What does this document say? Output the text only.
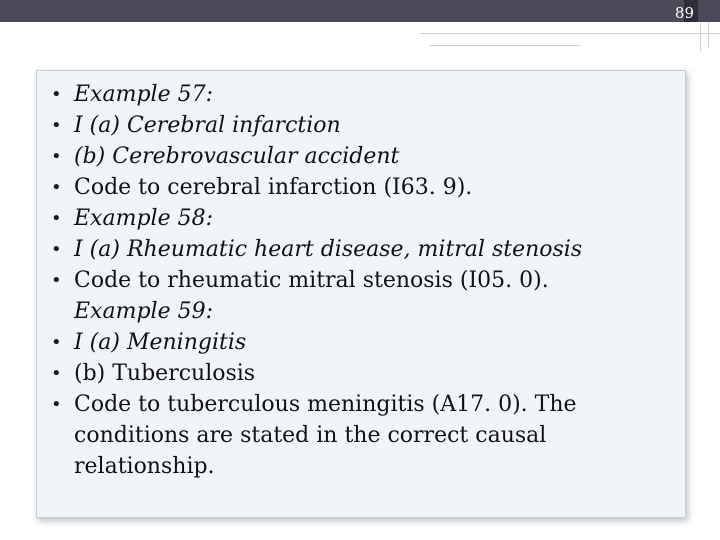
89
• Example 57:
• I (a) Cerebral infarction
• (b) Cerebrovascular accident
• Code to cerebral infarction (I63. 9).
• Example 58:
• I (a) Rheumatic heart disease, mitral stenosis
• Code to rheumatic mitral stenosis (I05. 0).
Example 59:
• I (a) Meningitis
• (b) Tuberculosis
• Code to tuberculous meningitis (A17. 0). The
conditions are stated in the correct causal
relationship.
